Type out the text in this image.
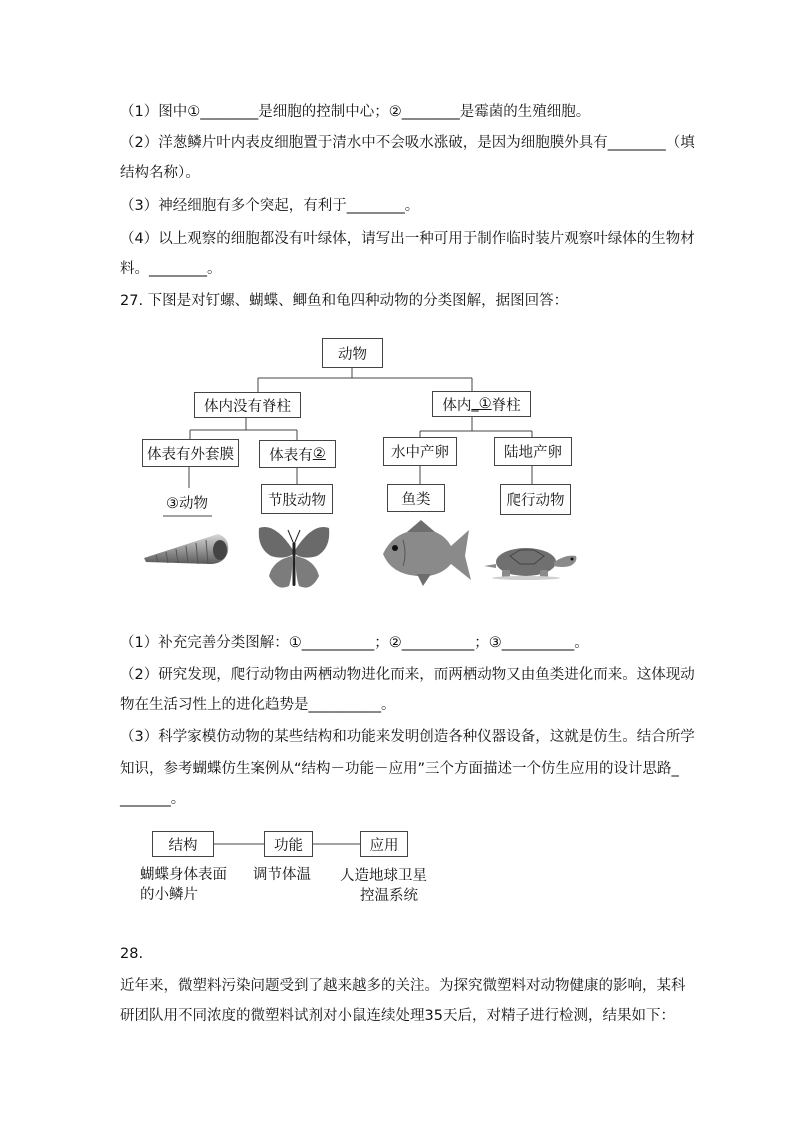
（1）图中①________是细胞的控制中心；②________是霉菌的生殖细胞。
（2）洋葱鳞片叶内表皮细胞置于清水中不会吸水涨破，是因为细胞膜外具有________（填
结构名称）。
（3）神经细胞有多个突起，有利于________。
（4）以上观察的细胞都没有叶绿体，请写出一种可用于制作临时装片观察叶绿体的生物材
料。________。
27. 下图是对钉螺、蝴蝶、鲫鱼和龟四种动物的分类图解，据图回答：
动物
体内没有脊柱	体内 _① 脊柱
体表有外套膜 体表有 ②	水中产卵	陆地产卵
③动物	节肢动物	鱼类	爬行动物
（1）补充完善分类图解：①__________；②__________；③__________。
（2）研究发现，爬行动物由两栖动物进化而来，而两栖动物又由鱼类进化而来。这体现动
物在生活习性上的进化趋势是__________。
（3）科学家模仿动物的某些结构和功能来发明创造各种仪器设备，这就是仿生。结合所学
知识，参考蝴蝶仿生案例从“结构－功能－应用”三个方面描述一个仿生应用的设计思路_
_______。
结构	功能	应用
蝴蝶身体表面
的小鳞片
调节体温 人造地球卫星
控温系统
28.
近年来，微塑料污染问题受到了越来越多的关注。为探究微塑料对动物健康的影响，某科
研团队用不同浓度的微塑料试剂对小鼠连续处理35天后，对精子进行检测，结果如下：
